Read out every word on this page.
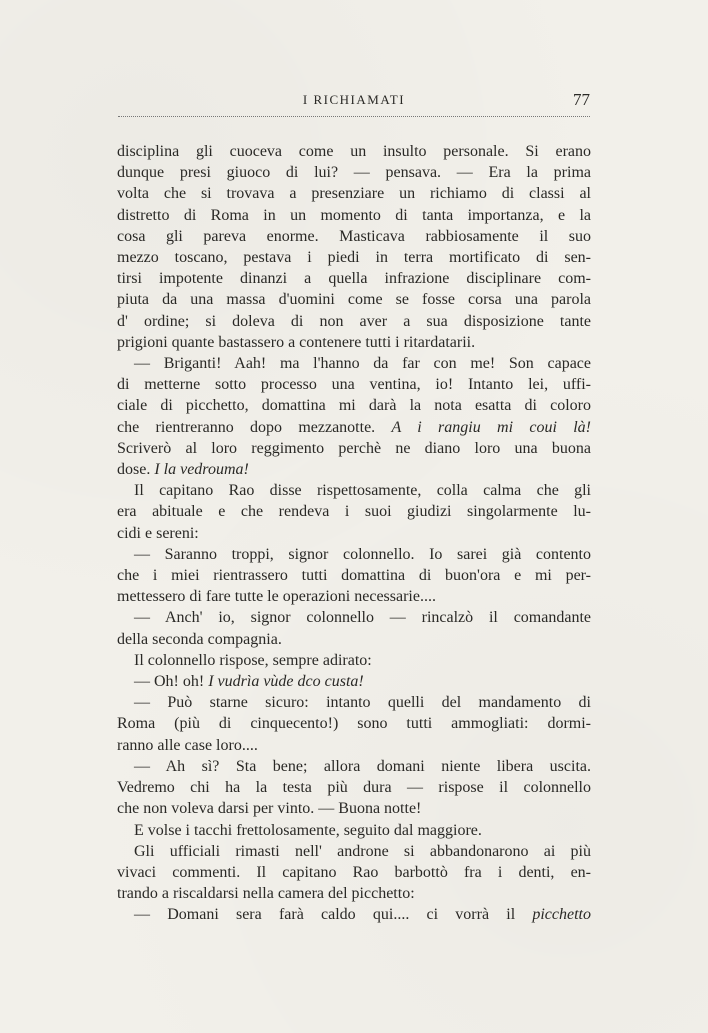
I RICHIAMATI	77
disciplina gli cuoceva come un insulto personale. Si erano
dunque presi giuoco di lui? — pensava. — Era la prima
volta che si trovava a presenziare un richiamo di classi al
distretto di Roma in un momento di tanta importanza, e la
cosa gli pareva enorme. Masticava rabbiosamente il suo
mezzo toscano, pestava i piedi in terra mortificato di sen-
tirsi impotente dinanzi a quella infrazione disciplinare com-
piuta da una massa d'uomini come se fosse corsa una parola
d' ordine; si doleva di non aver a sua disposizione tante
prigioni quante bastassero a contenere tutti i ritardatarii.
— Briganti! Aah! ma l'hanno da far con me! Son capace
di metterne sotto processo una ventina, io! Intanto lei, uffi-
ciale di picchetto, domattina mi darà la nota esatta di coloro
che rientreranno dopo mezzanotte. A i rangiu mi coui là!
Scriverò al loro reggimento perchè ne diano loro una buona
dose. I la vedrouma!
Il capitano Rao disse rispettosamente, colla calma che gli
era abituale e che rendeva i suoi giudizi singolarmente lu-
cidi e sereni:
— Saranno troppi, signor colonnello. Io sarei già contento
che i miei rientrassero tutti domattina di buon'ora e mi per-
mettessero di fare tutte le operazioni necessarie....
— Anch' io, signor colonnello — rincalzò il comandante
della seconda compagnia.
Il colonnello rispose, sempre adirato:
— Oh! oh! I vudrìa vùde dco custa!
— Può starne sicuro: intanto quelli del mandamento di
Roma (più di cinquecento!) sono tutti ammogliati: dormi-
ranno alle case loro....
— Ah sì? Sta bene; allora domani niente libera uscita.
Vedremo chi ha la testa più dura — rispose il colonnello
che non voleva darsi per vinto. — Buona notte!
E volse i tacchi frettolosamente, seguito dal maggiore.
Gli ufficiali rimasti nell' androne si abbandonarono ai più
vivaci commenti. Il capitano Rao barbottò fra i denti, en-
trando a riscaldarsi nella camera del picchetto:
— Domani sera farà caldo qui.... ci vorrà il picchetto
